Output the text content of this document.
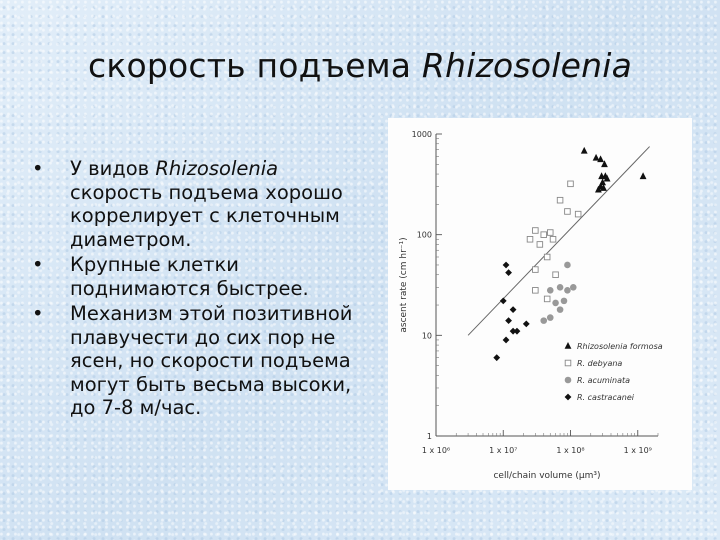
скорость подъема Rhizosolenia
• У видов Rhizosolenia скорость подъема хорошо коррелирует с клеточным диаметром.
• Крупные клетки поднимаются быстрее.
• Механизм этой позитивной плавучести до сих пор не ясен, но скорости подъема могут быть весьма высоки, до 7-8 м/час.
1
10
100
1000
1 x 10⁶	1 x 10⁷	1 x 10⁸	1 x 10⁹
cell/chain volume (µm³)
ascent rate (cm hr⁻¹)
Rhizosolenia formosa
R. debyana
R. acuminata
R. castracanei
